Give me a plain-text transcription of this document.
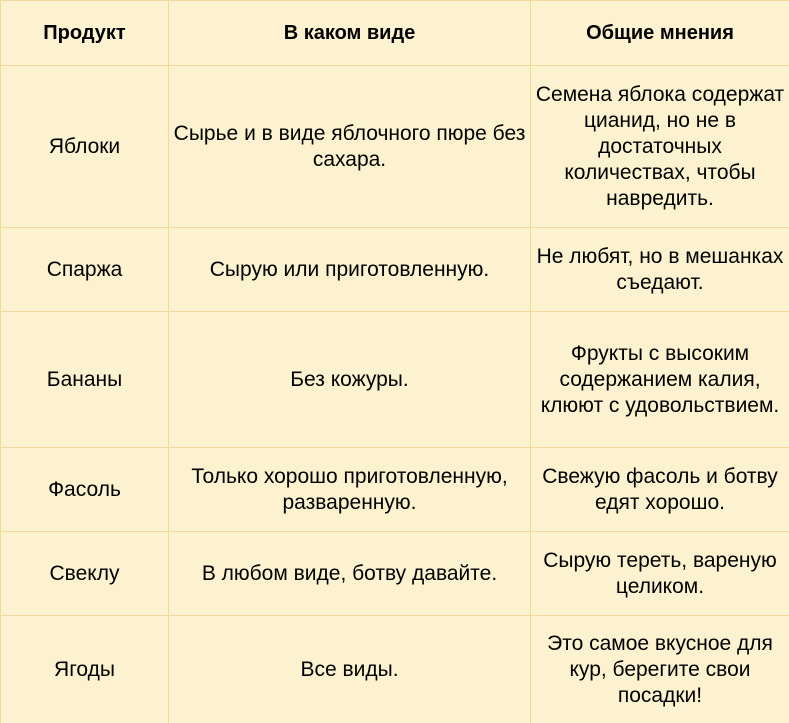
Продукт	В каком виде	Общие мнения
Яблоки	Сырье и в виде яблочного пюре без сахара.	Семена яблока содержат цианид, но не в достаточных количествах, чтобы навредить.
Спаржа	Сырую или приготовленную.	Не любят, но в мешанках съедают.
Бананы	Без кожуры.	Фрукты с высоким содержанием калия, клюют с удовольствием.
Фасоль	Только хорошо приготовленную, разваренную.	Свежую фасоль и ботву едят хорошо.
Свеклу	В любом виде, ботву давайте.	Сырую тереть, вареную целиком.
Ягоды	Все виды.	Это самое вкусное для кур, берегите свои посадки!
